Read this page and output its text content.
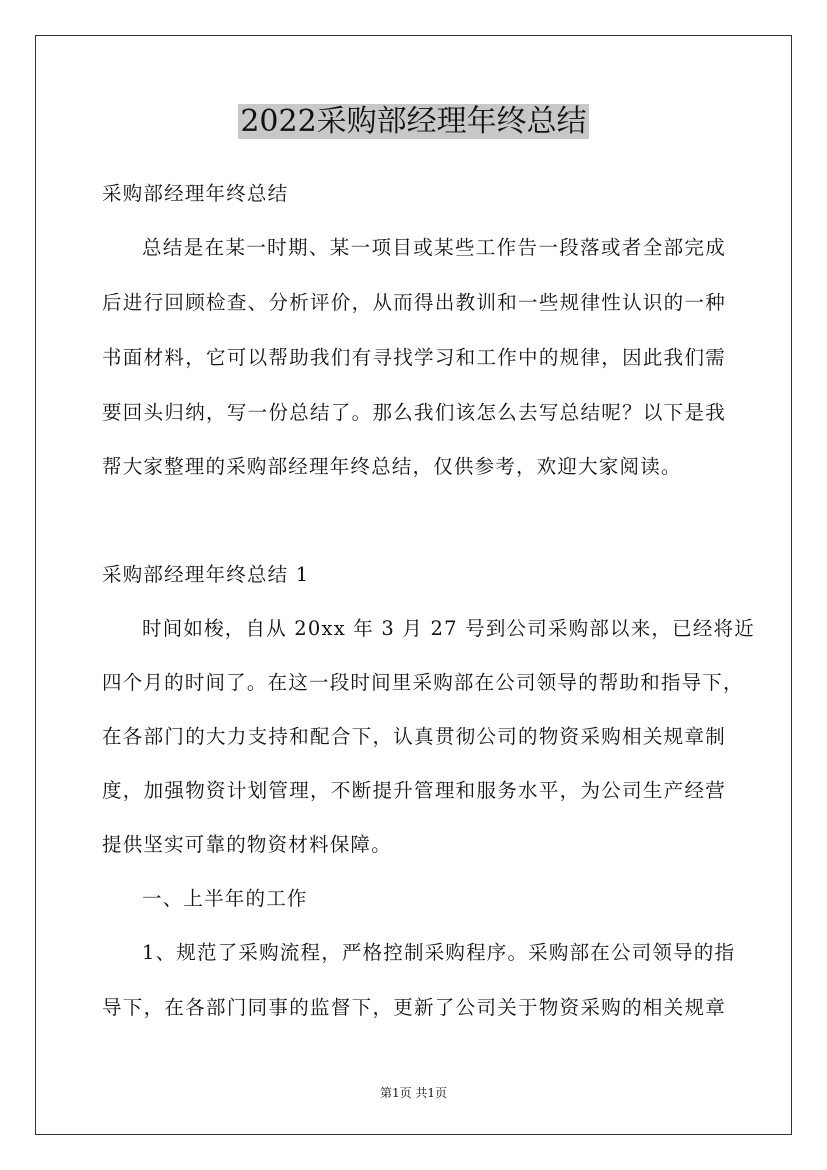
2022采购部经理年终总结
采购部经理年终总结
总结是在某一时期、某一项目或某些工作告一段落或者全部完成
后进行回顾检查、分析评价，从而得出教训和一些规律性认识的一种
书面材料，它可以帮助我们有寻找学习和工作中的规律，因此我们需
要回头归纳，写一份总结了。那么我们该怎么去写总结呢？以下是我
帮大家整理的采购部经理年终总结，仅供参考，欢迎大家阅读。
采购部经理年终总结 1
时间如梭，自从 20xx 年 3 月 27 号到公司采购部以来，已经将近
四个月的时间了。在这一段时间里采购部在公司领导的帮助和指导下，
在各部门的大力支持和配合下，认真贯彻公司的物资采购相关规章制
度，加强物资计划管理，不断提升管理和服务水平，为公司生产经营
提供坚实可靠的物资材料保障。
一、上半年的工作
1、规范了采购流程，严格控制采购程序。采购部在公司领导的指
导下，在各部门同事的监督下，更新了公司关于物资采购的相关规章
第1页 共1页
